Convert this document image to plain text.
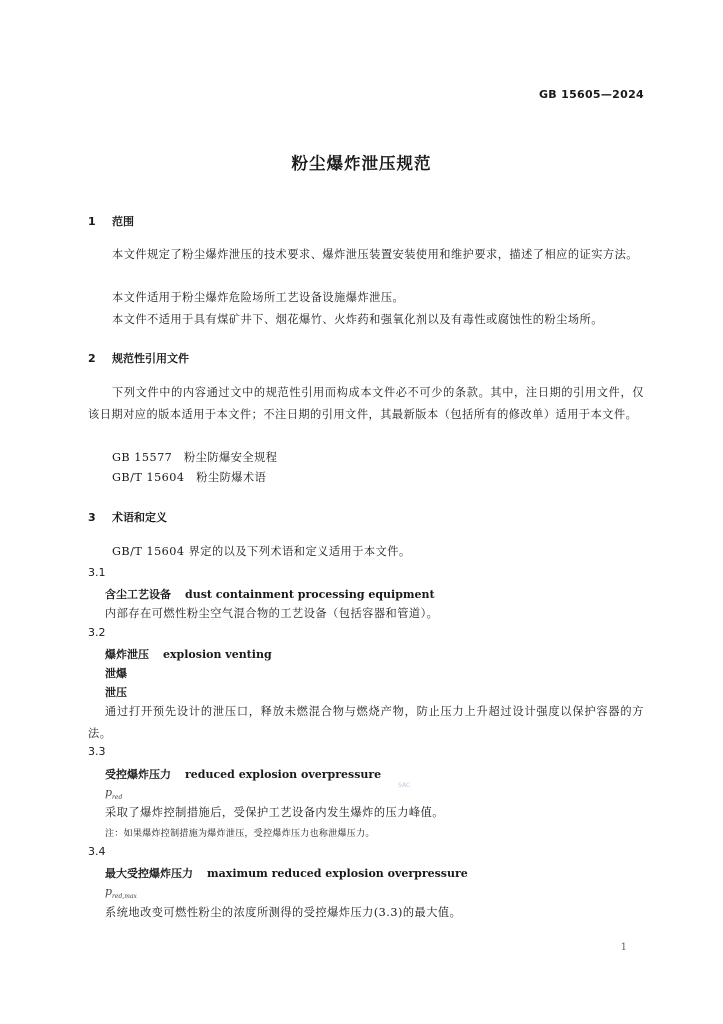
GB 15605—2024
粉尘爆炸泄压规范
1 范围
本文件规定了粉尘爆炸泄压的技术要求、爆炸泄压装置安装使用和维护要求，描述了相应的证实方法。
本文件适用于粉尘爆炸危险场所工艺设备设施爆炸泄压。
本文件不适用于具有煤矿井下、烟花爆竹、火炸药和强氧化剂以及有毒性或腐蚀性的粉尘场所。
2 规范性引用文件
下列文件中的内容通过文中的规范性引用而构成本文件必不可少的条款。其中，注日期的引用文件，仅该日期对应的版本适用于本文件；不注日期的引用文件，其最新版本（包括所有的修改单）适用于本文件。
GB 15577　粉尘防爆安全规程
GB/T 15604　粉尘防爆术语
3 术语和定义
GB/T 15604 界定的以及下列术语和定义适用于本文件。
3.1
含尘工艺设备 dust containment processing equipment
内部存在可燃性粉尘空气混合物的工艺设备（包括容器和管道）。
3.2
爆炸泄压 explosion venting
泄爆
泄压
通过打开预先设计的泄压口，释放未燃混合物与燃烧产物，防止压力上升超过设计强度以保护容器的方法。
3.3
受控爆炸压力 reduced explosion overpressure
$p_{red}$
SAC
采取了爆炸控制措施后，受保护工艺设备内发生爆炸的压力峰值。
注：如果爆炸控制措施为爆炸泄压，受控爆炸压力也称泄爆压力。
3.4
最大受控爆炸压力 maximum reduced explosion overpressure
$p_{red,max}$
系统地改变可燃性粉尘的浓度所测得的受控爆炸压力(3.3)的最大值。
1
